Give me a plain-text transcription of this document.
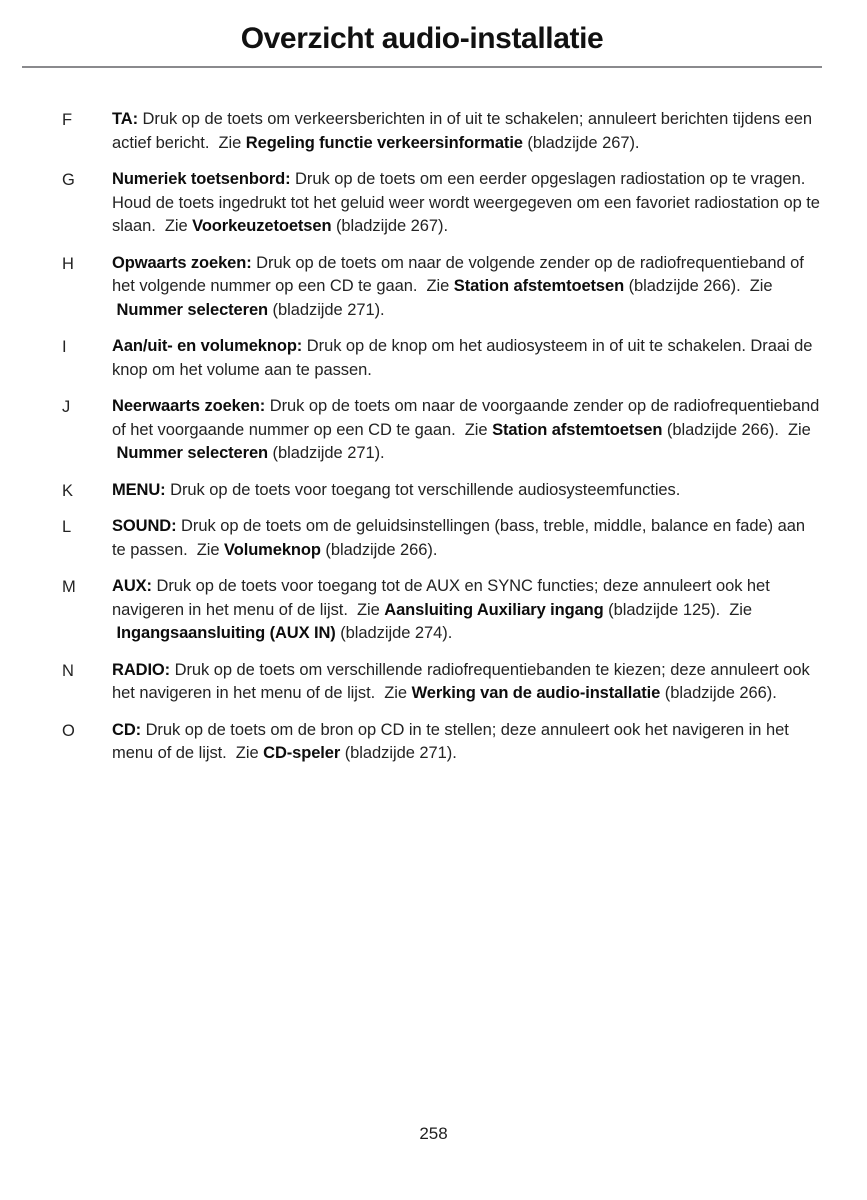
Overzicht audio-installatie
F	TA: Druk op de toets om verkeersberichten in of uit te schakelen; annuleert berichten tijdens een actief bericht. Zie Regeling functie verkeersinformatie (bladzijde 267).
G	Numeriek toetsenbord: Druk op de toets om een eerder opgeslagen radiostation op te vragen. Houd de toets ingedrukt tot het geluid weer wordt weergegeven om een favoriet radiostation op te slaan. Zie Voorkeuzetoetsen (bladzijde 267).
H	Opwaarts zoeken: Druk op de toets om naar de volgende zender op de radiofrequentieband of het volgende nummer op een CD te gaan. Zie Station afstemtoetsen (bladzijde 266). Zie Nummer selecteren (bladzijde 271).
I	Aan/uit- en volumeknop: Druk op de knop om het audiosysteem in of uit te schakelen. Draai de knop om het volume aan te passen.
J	Neerwaarts zoeken: Druk op de toets om naar de voorgaande zender op de radiofrequentieband of het voorgaande nummer op een CD te gaan. Zie Station afstemtoetsen (bladzijde 266). Zie Nummer selecteren (bladzijde 271).
K	MENU: Druk op de toets voor toegang tot verschillende audiosysteemfuncties.
L	SOUND: Druk op de toets om de geluidsinstellingen (bass, treble, middle, balance en fade) aan te passen. Zie Volumeknop (bladzijde 266).
M	AUX: Druk op de toets voor toegang tot de AUX en SYNC functies; deze annuleert ook het navigeren in het menu of de lijst. Zie Aansluiting Auxiliary ingang (bladzijde 125). Zie Ingangsaansluiting (AUX IN) (bladzijde 274).
N	RADIO: Druk op de toets om verschillende radiofrequentiebanden te kiezen; deze annuleert ook het navigeren in het menu of de lijst. Zie Werking van de audio-installatie (bladzijde 266).
O	CD: Druk op de toets om de bron op CD in te stellen; deze annuleert ook het navigeren in het menu of de lijst. Zie CD-speler (bladzijde 271).
258
